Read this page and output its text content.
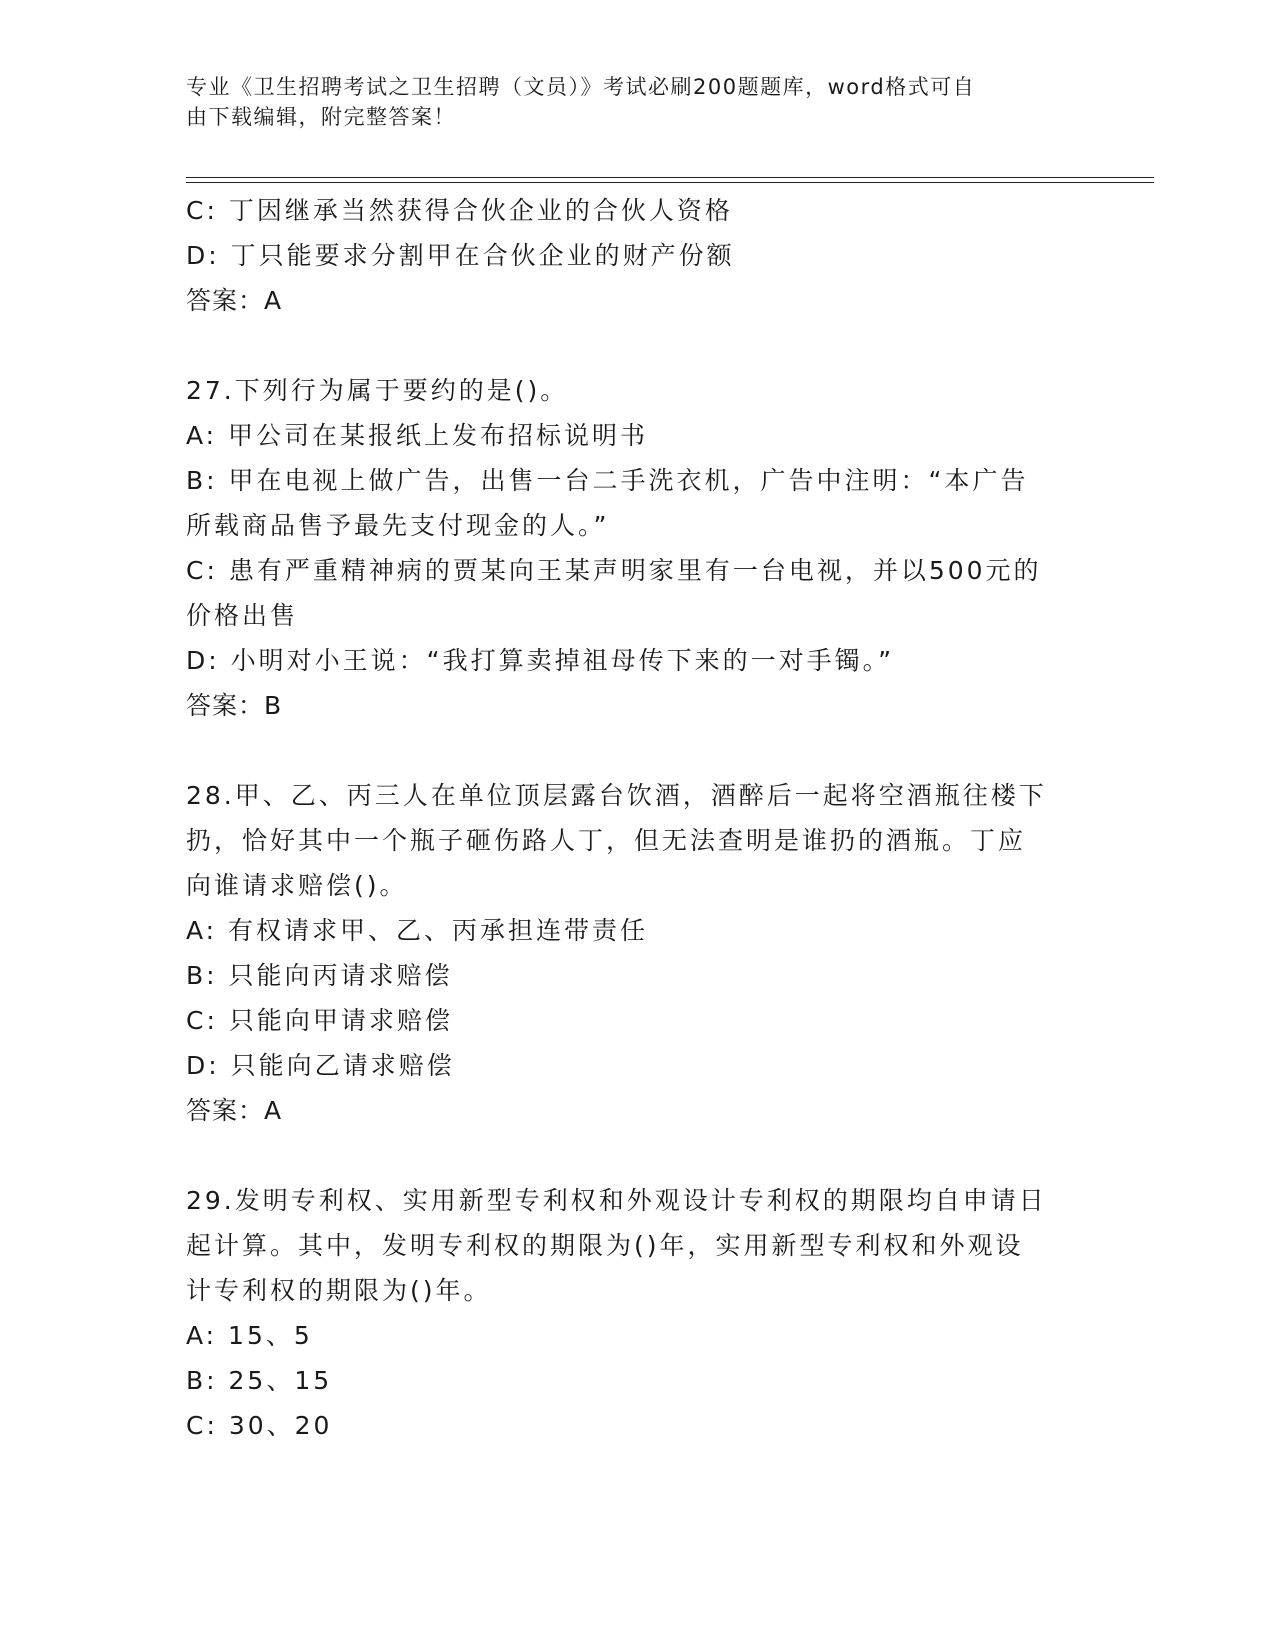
专业《卫生招聘考试之卫生招聘（文员）》考试必刷200题题库，word格式可自
由下载编辑，附完整答案！

C: 丁因继承当然获得合伙企业的合伙人资格

D: 丁只能要求分割甲在合伙企业的财产份额

答案：A

27.下列行为属于要约的是()。

A: 甲公司在某报纸上发布招标说明书

B: 甲在电视上做广告，出售一台二手洗衣机，广告中注明：“本广告

所载商品售予最先支付现金的人。”

C: 患有严重精神病的贾某向王某声明家里有一台电视，并以500元的

价格出售

D: 小明对小王说：“我打算卖掉祖母传下来的一对手镯。”

答案：B

28.甲、乙、丙三人在单位顶层露台饮酒，酒醉后一起将空酒瓶往楼下

扔，恰好其中一个瓶子砸伤路人丁，但无法查明是谁扔的酒瓶。丁应

向谁请求赔偿()。

A: 有权请求甲、乙、丙承担连带责任

B: 只能向丙请求赔偿

C: 只能向甲请求赔偿

D: 只能向乙请求赔偿

答案：A

29.发明专利权、实用新型专利权和外观设计专利权的期限均自申请日

起计算。其中，发明专利权的期限为()年，实用新型专利权和外观设

计专利权的期限为()年。

A: 15、5

B: 25、15

C: 30、20
